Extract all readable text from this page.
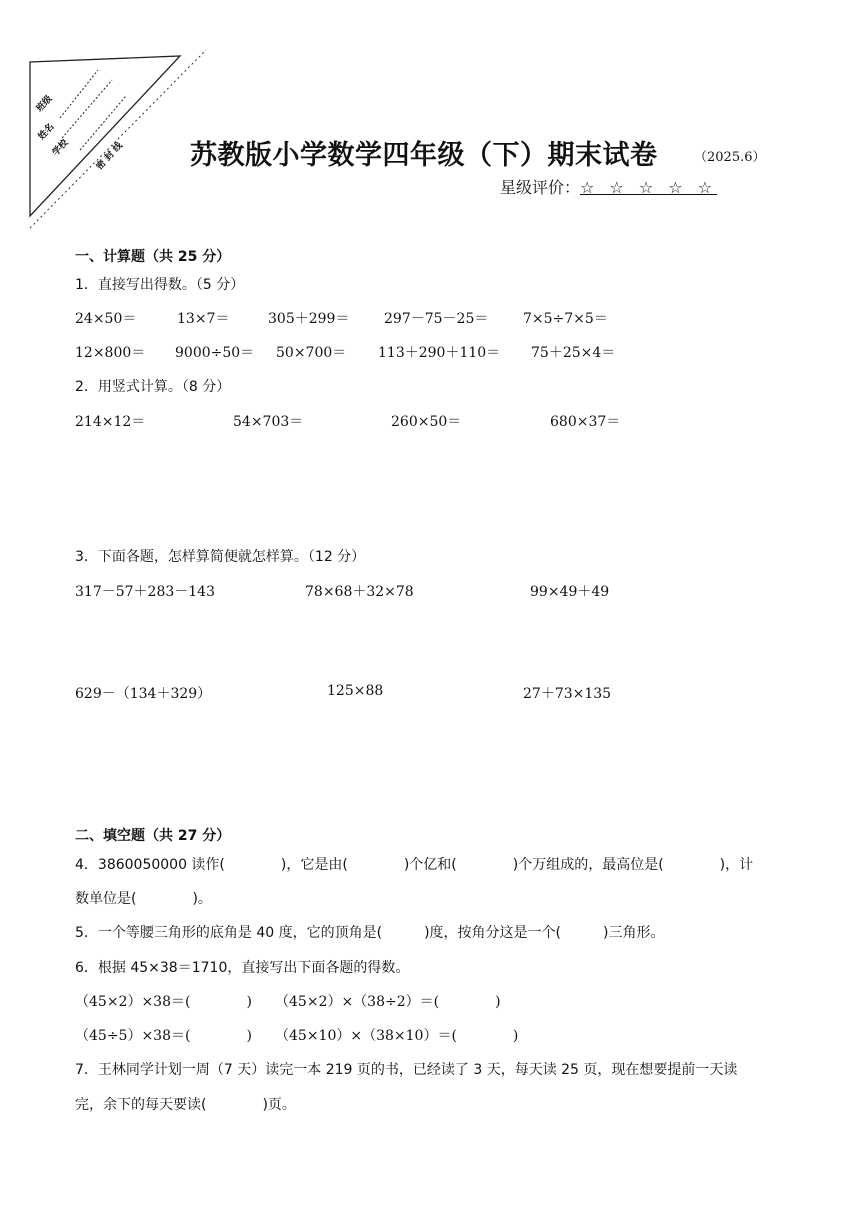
班级
姓名
学校	密 封 线 苏教版小学数学四年级（下）期末试卷	（2025.6）
星级评价：☆ ☆ ☆ ☆ ☆
一、计算题（共 25 分）
1．直接写出得数。（5 分）
24×50＝	13×7＝	305＋299＝ 297－75－25＝ 7×5÷7×5＝
12×800＝ 9000÷50＝ 50×700＝ 113＋290＋110＝ 75＋25×4＝
2．用竖式计算。（8 分）
214×12＝	54×703＝	260×50＝	680×37＝
3．下面各题，怎样算简便就怎样算。（12 分）
317－57＋283－143	78×68＋32×78	99×49＋49
629－（134＋329）	125×88	27＋73×135
二、填空题（共 27 分）
4．3860050000 读作(　　　　)，它是由(　　　　)个亿和(　　　　)个万组成的，最高位是(　　　　)，计
数单位是(　　　　)。
5．一个等腰三角形的底角是 40 度，它的顶角是(　　　)度，按角分这是一个(　　　)三角形。
6．根据 45×38＝1710，直接写出下面各题的得数。
（45×2）×38＝(　　　　) （45×2）×（38÷2）＝(　　　　)
（45÷5）×38＝(　　　　) （45×10）×（38×10）＝(　　　　)
7．王林同学计划一周（7 天）读完一本 219 页的书，已经读了 3 天，每天读 25 页，现在想要提前一天读
完，余下的每天要读(　　　　)页。
